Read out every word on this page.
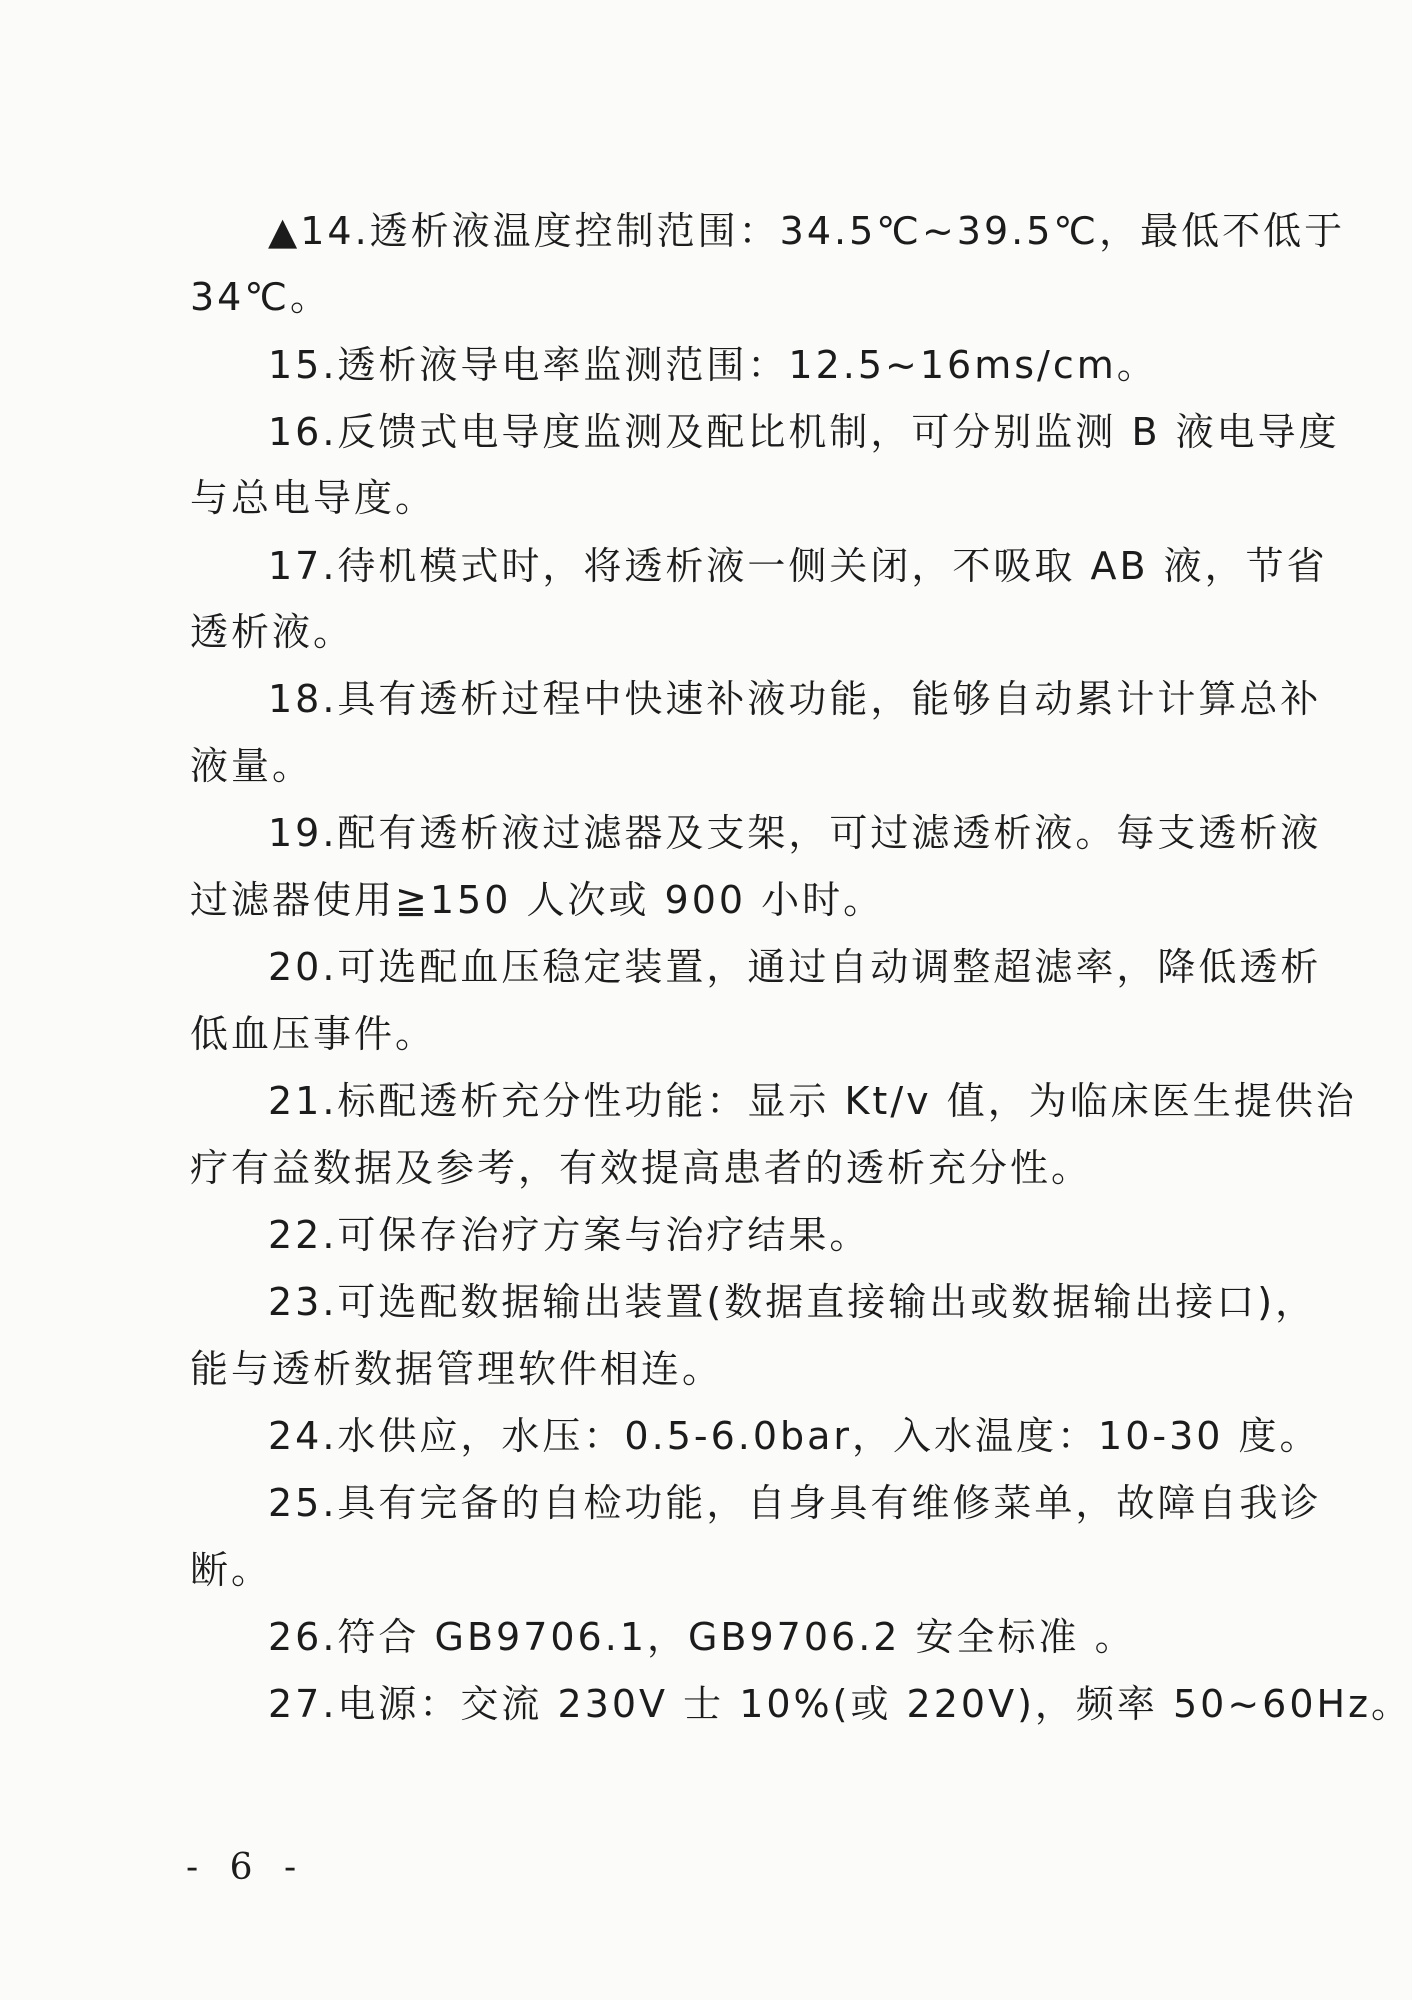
▲14.透析液温度控制范围：34.5℃~39.5℃，最低不低于
34℃。
15.透析液导电率监测范围：12.5~16ms/cm。
16.反馈式电导度监测及配比机制，可分别监测 B 液电导度
与总电导度。
17.待机模式时，将透析液一侧关闭，不吸取 AB 液，节省
透析液。
18.具有透析过程中快速补液功能，能够自动累计计算总补
液量。
19.配有透析液过滤器及支架，可过滤透析液。每支透析液
过滤器使用≧150 人次或 900 小时。
20.可选配血压稳定装置，通过自动调整超滤率，降低透析
低血压事件。
21.标配透析充分性功能：显示 Kt/v 值，为临床医生提供治
疗有益数据及参考，有效提高患者的透析充分性。
22.可保存治疗方案与治疗结果。
23.可选配数据输出装置(数据直接输出或数据输出接口)，
能与透析数据管理软件相连。
24.水供应，水压：0.5-6.0bar，入水温度：10-30 度。
25.具有完备的自检功能，自身具有维修菜单，故障自我诊
断。
26.符合 GB9706.1，GB9706.2 安全标准 。
27.电源：交流 230V 士 10%(或 220V)，频率 50~60Hz。
- 6 -
